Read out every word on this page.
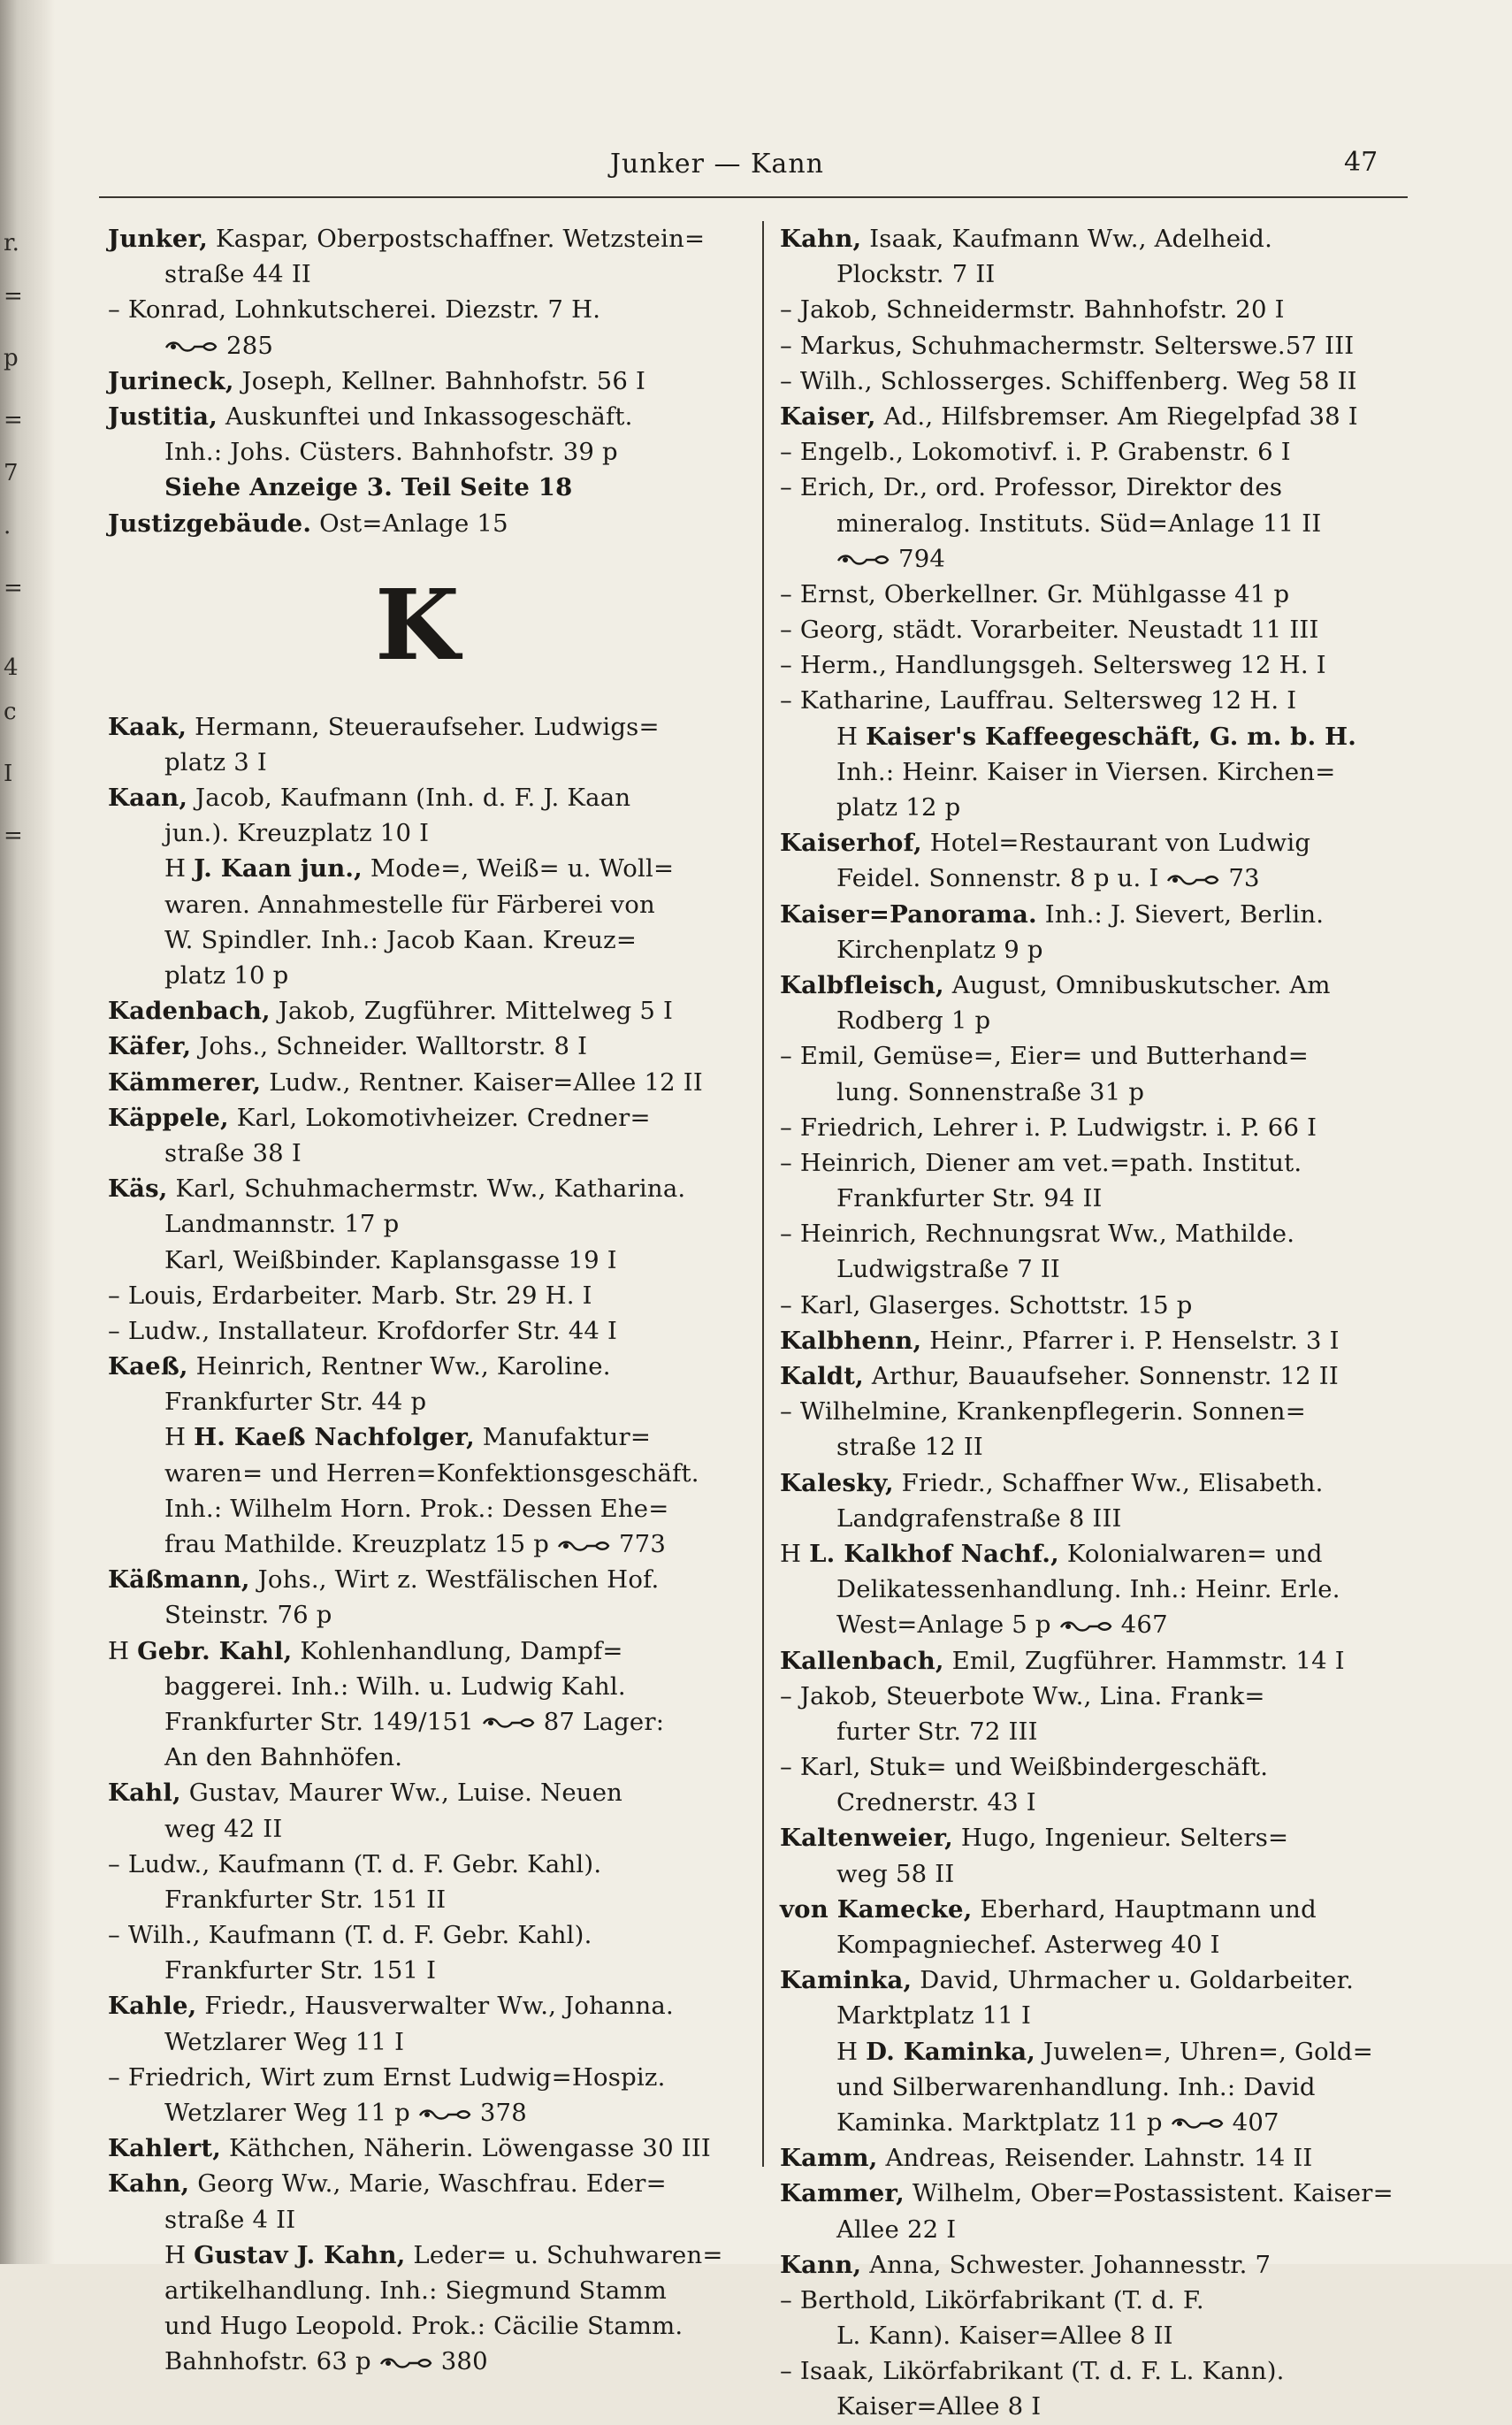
r.
=
p
=
7
.
=
4
c
I
=
Junker — Kann	47
Junker, Kaspar, Oberpostschaffner. Wetzstein=
straße 44 II
– Konrad, Lohnkutscherei. Diezstr. 7 H.
285
Jurineck, Joseph, Kellner. Bahnhofstr. 56 I
Justitia, Auskunftei und Inkassogeschäft.
Inh.: Johs. Cüsters. Bahnhofstr. 39 p
Siehe Anzeige 3. Teil Seite 18
Justizgebäude. Ost=Anlage 15
K
Kaak, Hermann, Steueraufseher. Ludwigs=
platz 3 I
Kaan, Jacob, Kaufmann (Inh. d. F. J. Kaan
jun.). Kreuzplatz 10 I
H J. Kaan jun., Mode=, Weiß= u. Woll=
waren. Annahmestelle für Färberei von
W. Spindler. Inh.: Jacob Kaan. Kreuz=
platz 10 p
Kadenbach, Jakob, Zugführer. Mittelweg 5 I
Käfer, Johs., Schneider. Walltorstr. 8 I
Kämmerer, Ludw., Rentner. Kaiser=Allee 12 II
Käppele, Karl, Lokomotivheizer. Credner=
straße 38 I
Käs, Karl, Schuhmachermstr. Ww., Katharina.
Landmannstr. 17 p
Karl, Weißbinder. Kaplansgasse 19 I
– Louis, Erdarbeiter. Marb. Str. 29 H. I
– Ludw., Installateur. Krofdorfer Str. 44 I
Kaeß, Heinrich, Rentner Ww., Karoline.
Frankfurter Str. 44 p
H H. Kaeß Nachfolger, Manufaktur=
waren= und Herren=Konfektionsgeschäft.
Inh.: Wilhelm Horn. Prok.: Dessen Ehe=
frau Mathilde. Kreuzplatz 15 p	773
Käßmann, Johs., Wirt z. Westfälischen Hof.
Steinstr. 76 p
H Gebr. Kahl, Kohlenhandlung, Dampf=
baggerei. Inh.: Wilh. u. Ludwig Kahl.
Frankfurter Str. 149/151	87 Lager:
An den Bahnhöfen.
Kahl, Gustav, Maurer Ww., Luise. Neuen
weg 42 II
– Ludw., Kaufmann (T. d. F. Gebr. Kahl).
Frankfurter Str. 151 II
– Wilh., Kaufmann (T. d. F. Gebr. Kahl).
Frankfurter Str. 151 I
Kahle, Friedr., Hausverwalter Ww., Johanna.
Wetzlarer Weg 11 I
– Friedrich, Wirt zum Ernst Ludwig=Hospiz.
Wetzlarer Weg 11 p	378
Kahlert, Käthchen, Näherin. Löwengasse 30 III
Kahn, Georg Ww., Marie, Waschfrau. Eder=
straße 4 II
H Gustav J. Kahn, Leder= u. Schuhwaren=
artikelhandlung. Inh.: Siegmund Stamm
und Hugo Leopold. Prok.: Cäcilie Stamm.
Bahnhofstr. 63 p	380
Kahn, Isaak, Kaufmann Ww., Adelheid.
Plockstr. 7 II
– Jakob, Schneidermstr. Bahnhofstr. 20 I
– Markus, Schuhmachermstr. Selterswe.57 III
– Wilh., Schlosserges. Schiffenberg. Weg 58 II
Kaiser, Ad., Hilfsbremser. Am Riegelpfad 38 I
– Engelb., Lokomotivf. i. P. Grabenstr. 6 I
– Erich, Dr., ord. Professor, Direktor des
mineralog. Instituts. Süd=Anlage 11 II
794
– Ernst, Oberkellner. Gr. Mühlgasse 41 p
– Georg, städt. Vorarbeiter. Neustadt 11 III
– Herm., Handlungsgeh. Seltersweg 12 H. I
– Katharine, Lauffrau. Seltersweg 12 H. I
H Kaiser's Kaffeegeschäft, G. m. b. H.
Inh.: Heinr. Kaiser in Viersen. Kirchen=
platz 12 p
Kaiserhof, Hotel=Restaurant von Ludwig
Feidel. Sonnenstr. 8 p u. I	73
Kaiser=Panorama. Inh.: J. Sievert, Berlin.
Kirchenplatz 9 p
Kalbfleisch, August, Omnibuskutscher. Am
Rodberg 1 p
– Emil, Gemüse=, Eier= und Butterhand=
lung. Sonnenstraße 31 p
– Friedrich, Lehrer i. P. Ludwigstr. i. P. 66 I
– Heinrich, Diener am vet.=path. Institut.
Frankfurter Str. 94 II
– Heinrich, Rechnungsrat Ww., Mathilde.
Ludwigstraße 7 II
– Karl, Glaserges. Schottstr. 15 p
Kalbhenn, Heinr., Pfarrer i. P. Henselstr. 3 I
Kaldt, Arthur, Bauaufseher. Sonnenstr. 12 II
– Wilhelmine, Krankenpflegerin. Sonnen=
straße 12 II
Kalesky, Friedr., Schaffner Ww., Elisabeth.
Landgrafenstraße 8 III
H L. Kalkhof Nachf., Kolonialwaren= und
Delikatessenhandlung. Inh.: Heinr. Erle.
West=Anlage 5 p	467
Kallenbach, Emil, Zugführer. Hammstr. 14 I
– Jakob, Steuerbote Ww., Lina. Frank=
furter Str. 72 III
– Karl, Stuk= und Weißbindergeschäft.
Crednerstr. 43 I
Kaltenweier, Hugo, Ingenieur. Selters=
weg 58 II
von Kamecke, Eberhard, Hauptmann und
Kompagniechef. Asterweg 40 I
Kaminka, David, Uhrmacher u. Goldarbeiter.
Marktplatz 11 I
H D. Kaminka, Juwelen=, Uhren=, Gold=
und Silberwarenhandlung. Inh.: David
Kaminka. Marktplatz 11 p	407
Kamm, Andreas, Reisender. Lahnstr. 14 II
Kammer, Wilhelm, Ober=Postassistent. Kaiser=
Allee 22 I
Kann, Anna, Schwester. Johannesstr. 7
– Berthold, Likörfabrikant (T. d. F.
L. Kann). Kaiser=Allee 8 II
– Isaak, Likörfabrikant (T. d. F. L. Kann).
Kaiser=Allee 8 I
